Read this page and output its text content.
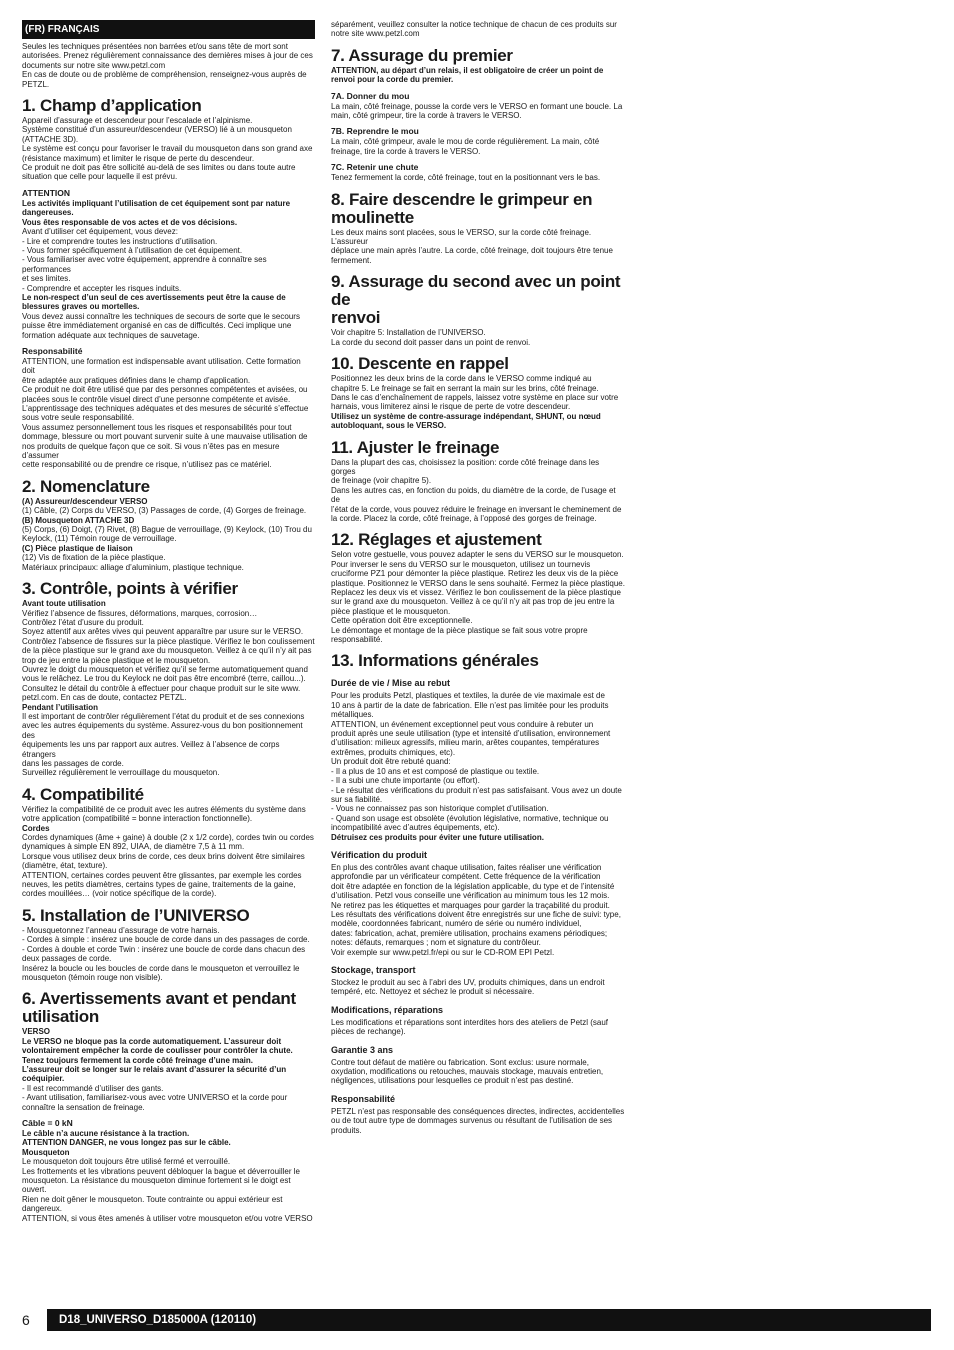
(FR) FRANÇAIS
Seules les techniques présentées non barrées et/ou sans tête de mort sont
autorisées. Prenez régulièrement connaissance des dernières mises à jour de ces
documents sur notre site www.petzl.com
En cas de doute ou de problème de compréhension, renseignez-vous auprès de
PETZL.
1. Champ d’application
Appareil d’assurage et descendeur pour l’escalade et l’alpinisme.
Système constitué d’un assureur/descendeur (VERSO) lié à un mousqueton
(ATTACHE 3D).
Le système est conçu pour favoriser le travail du mousqueton dans son grand axe
(résistance maximum) et limiter le risque de perte du descendeur.
Ce produit ne doit pas être sollicité au-delà de ses limites ou dans toute autre
situation que celle pour laquelle il est prévu.
ATTENTION
Les activités impliquant l’utilisation de cet équipement sont par nature
dangereuses.
Vous êtes responsable de vos actes et de vos décisions.
Avant d’utiliser cet équipement, vous devez:
- Lire et comprendre toutes les instructions d’utilisation.
- Vous former spécifiquement à l’utilisation de cet équipement.
- Vous familiariser avec votre équipement, apprendre à connaître ses performances
et ses limites.
- Comprendre et accepter les risques induits.
Le non-respect d’un seul de ces avertissements peut être la cause de
blessures graves ou mortelles.
Vous devez aussi connaître les techniques de secours de sorte que le secours
puisse être immédiatement organisé en cas de difficultés. Ceci implique une
formation adéquate aux techniques de sauvetage.
Responsabilité
ATTENTION, une formation est indispensable avant utilisation. Cette formation doit
être adaptée aux pratiques définies dans le champ d’application.
Ce produit ne doit être utilisé que par des personnes compétentes et avisées, ou
placées sous le contrôle visuel direct d’une personne compétente et avisée.
L’apprentissage des techniques adéquates et des mesures de sécurité s’effectue
sous votre seule responsabilité.
Vous assumez personnellement tous les risques et responsabilités pour tout
dommage, blessure ou mort pouvant survenir suite à une mauvaise utilisation de
nos produits de quelque façon que ce soit. Si vous n’êtes pas en mesure d’assumer
cette responsabilité ou de prendre ce risque, n’utilisez pas ce matériel.
2. Nomenclature
(A) Assureur/descendeur VERSO
(1) Câble, (2) Corps du VERSO, (3) Passages de corde, (4) Gorges de freinage.
(B) Mousqueton ATTACHE 3D
(5) Corps, (6) Doigt, (7) Rivet, (8) Bague de verrouillage, (9) Keylock, (10) Trou du
Keylock, (11) Témoin rouge de verrouillage.
(C) Pièce plastique de liaison
(12) Vis de fixation de la pièce plastique.
Matériaux principaux: alliage d’aluminium, plastique technique.
3. Contrôle, points à vérifier
Avant toute utilisation
Vérifiez l’absence de fissures, déformations, marques, corrosion…
Contrôlez l’état d’usure du produit.
Soyez attentif aux arêtes vives qui peuvent apparaître par usure sur le VERSO.
Contrôlez l’absence de fissures sur la pièce plastique. Vérifiez le bon coulissement
de la pièce plastique sur le grand axe du mousqueton. Veillez à ce qu’il n’y ait pas
trop de jeu entre la pièce plastique et le mousqueton.
Ouvrez le doigt du mousqueton et vérifiez qu’il se ferme automatiquement quand
vous le relâchez. Le trou du Keylock ne doit pas être encombré (terre, caillou...).
Consultez le détail du contrôle à effectuer pour chaque produit sur le site www.
petzl.com. En cas de doute, contactez PETZL.
Pendant l’utilisation
Il est important de contrôler régulièrement l’état du produit et de ses connexions
avec les autres équipements du système. Assurez-vous du bon positionnement des
équipements les uns par rapport aux autres. Veillez à l’absence de corps étrangers
dans les passages de corde.
Surveillez régulièrement le verrouillage du mousqueton.
4. Compatibilité
Vérifiez la compatibilité de ce produit avec les autres éléments du système dans
votre application (compatibilité = bonne interaction fonctionnelle).
Cordes
Cordes dynamiques (âme + gaine) à double (2 x 1/2 corde), cordes twin ou cordes
dynamiques à simple EN 892, UIAA, de diamètre 7,5 à 11 mm.
Lorsque vous utilisez deux brins de corde, ces deux brins doivent être similaires
(diamètre, état, texture).
ATTENTION, certaines cordes peuvent être glissantes, par exemple les cordes
neuves, les petits diamètres, certains types de gaine, traitements de la gaine,
cordes mouillées… (voir notice spécifique de la corde).
5. Installation de l’UNIVERSO
- Mousquetonnez l’anneau d’assurage de votre harnais.
- Cordes à simple : insérez une boucle de corde dans un des passages de corde.
- Cordes à double et corde Twin : insérez une boucle de corde dans chacun des
deux passages de corde.
Insérez la boucle ou les boucles de corde dans le mousqueton et verrouillez le
mousqueton (témoin rouge non visible).
6. Avertissements avant et pendant
utilisation
VERSO
Le VERSO ne bloque pas la corde automatiquement. L’assureur doit
volontairement empêcher la corde de coulisser pour contrôler la chute.
Tenez toujours fermement la corde côté freinage d’une main.
L’assureur doit se longer sur le relais avant d’assurer la sécurité d’un
coéquipier.
- Il est recommandé d’utiliser des gants.
- Avant utilisation, familiarisez-vous avec votre UNIVERSO et la corde pour
connaître la sensation de freinage.
Câble = 0 kN
Le câble n’a aucune résistance à la traction.
ATTENTION DANGER, ne vous longez pas sur le câble.
Mousqueton
Le mousqueton doit toujours être utilisé fermé et verrouillé.
Les frottements et les vibrations peuvent débloquer la bague et déverrouiller le
mousqueton. La résistance du mousqueton diminue fortement si le doigt est
ouvert.
Rien ne doit gêner le mousqueton. Toute contrainte ou appui extérieur est
dangereux.
ATTENTION, si vous êtes amenés à utiliser votre mousqueton et/ou votre VERSO
séparément, veuillez consulter la notice technique de chacun de ces produits sur
notre site www.petzl.com
7. Assurage du premier
ATTENTION, au départ d’un relais, il est obligatoire de créer un point de
renvoi pour la corde du premier.
7A. Donner du mou
La main, côté freinage, pousse la corde vers le VERSO en formant une boucle. La
main, côté grimpeur, tire la corde à travers le VERSO.
7B. Reprendre le mou
La main, côté grimpeur, avale le mou de corde régulièrement. La main, côté
freinage, tire la corde à travers le VERSO.
7C. Retenir une chute
Tenez fermement la corde, côté freinage, tout en la positionnant vers le bas.
8. Faire descendre le grimpeur en
moulinette
Les deux mains sont placées, sous le VERSO, sur la corde côté freinage. L’assureur
déplace une main après l’autre. La corde, côté freinage, doit toujours être tenue
fermement.
9. Assurage du second avec un point de
renvoi
Voir chapitre 5: Installation de l’UNIVERSO.
La corde du second doit passer dans un point de renvoi.
10. Descente en rappel
Positionnez les deux brins de la corde dans le VERSO comme indiqué au
chapitre 5. Le freinage se fait en serrant la main sur les brins, côté freinage.
Dans le cas d’enchaînement de rappels, laissez votre système en place sur votre
harnais, vous limiterez ainsi le risque de perte de votre descendeur.
Utilisez un système de contre-assurage indépendant, SHUNT, ou nœud
autobloquant, sous le VERSO.
11. Ajuster le freinage
Dans la plupart des cas, choisissez la position: corde côté freinage dans les gorges
de freinage (voir chapitre 5).
Dans les autres cas, en fonction du poids, du diamètre de la corde, de l’usage et de
l’état de la corde, vous pouvez réduire le freinage en inversant le cheminement de
la corde. Placez la corde, côté freinage, à l’opposé des gorges de freinage.
12. Réglages et ajustement
Selon votre gestuelle, vous pouvez adapter le sens du VERSO sur le mousqueton.
Pour inverser le sens du VERSO sur le mousqueton, utilisez un tournevis
cruciforme PZ1 pour démonter la pièce plastique. Retirez les deux vis de la pièce
plastique. Positionnez le VERSO dans le sens souhaité. Fermez la pièce plastique.
Replacez les deux vis et vissez. Vérifiez le bon coulissement de la pièce plastique
sur le grand axe du mousqueton. Veillez à ce qu’il n’y ait pas trop de jeu entre la
pièce plastique et le mousqueton.
Cette opération doit être exceptionnelle.
Le démontage et montage de la pièce plastique se fait sous votre propre
responsabilité.
13. Informations générales
Durée de vie / Mise au rebut
Pour les produits Petzl, plastiques et textiles, la durée de vie maximale est de
10 ans à partir de la date de fabrication. Elle n’est pas limitée pour les produits
métalliques.
ATTENTION, un événement exceptionnel peut vous conduire à rebuter un
produit après une seule utilisation (type et intensité d’utilisation, environnement
d’utilisation: milieux agressifs, milieu marin, arêtes coupantes, températures
extrêmes, produits chimiques, etc).
Un produit doit être rebuté quand:
- Il a plus de 10 ans et est composé de plastique ou textile.
- Il a subi une chute importante (ou effort).
- Le résultat des vérifications du produit n’est pas satisfaisant. Vous avez un doute
sur sa fiabilité.
- Vous ne connaissez pas son historique complet d’utilisation.
- Quand son usage est obsolète (évolution législative, normative, technique ou
incompatibilité avec d’autres équipements, etc).
Détruisez ces produits pour éviter une future utilisation.
Vérification du produit
En plus des contrôles avant chaque utilisation, faites réaliser une vérification
approfondie par un vérificateur compétent. Cette fréquence de la vérification
doit être adaptée en fonction de la législation applicable, du type et de l’intensité
d’utilisation. Petzl vous conseille une vérification au minimum tous les 12 mois.
Ne retirez pas les étiquettes et marquages pour garder la traçabilité du produit.
Les résultats des vérifications doivent être enregistrés sur une fiche de suivi: type,
modèle, coordonnées fabricant, numéro de série ou numéro individuel,
dates: fabrication, achat, première utilisation, prochains examens périodiques;
notes: défauts, remarques ; nom et signature du contrôleur.
Voir exemple sur www.petzl.fr/epi ou sur le CD-ROM EPI Petzl.
Stockage, transport
Stockez le produit au sec à l’abri des UV, produits chimiques, dans un endroit
tempéré, etc. Nettoyez et séchez le produit si nécessaire.
Modifications, réparations
Les modifications et réparations sont interdites hors des ateliers de Petzl (sauf
pièces de rechange).
Garantie 3 ans
Contre tout défaut de matière ou fabrication. Sont exclus: usure normale,
oxydation, modifications ou retouches, mauvais stockage, mauvais entretien,
négligences, utilisations pour lesquelles ce produit n’est pas destiné.
Responsabilité
PETZL n’est pas responsable des conséquences directes, indirectes, accidentelles
ou de tout autre type de dommages survenus ou résultant de l’utilisation de ses
produits.
6	D18_UNIVERSO_D185000A (120110)
